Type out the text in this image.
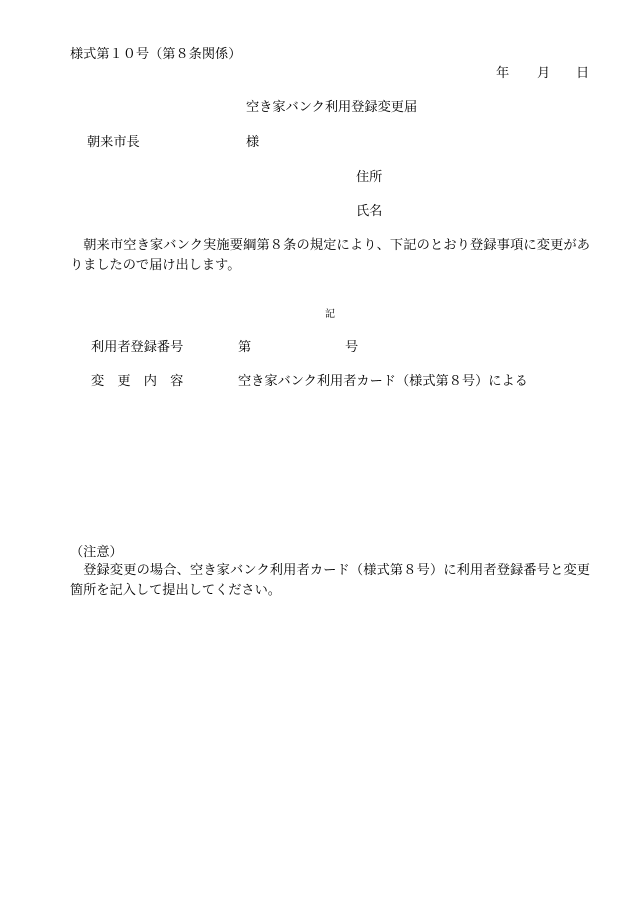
様式第１０号（第８条関係）
年 月 日
空き家バンク利用登録変更届
朝来市長	様
住所
氏名
朝来市空き家バンク実施要綱第８条の規定により、下記のとおり登録事項に変更がありましたので届け出します。
記
利用者登録番号	第	号
変　更　内　容	空き家バンク利用者カード（様式第８号）による
（注意）
登録変更の場合、空き家バンク利用者カード（様式第８号）に利用者登録番号と変更箇所を記入して提出してください。
